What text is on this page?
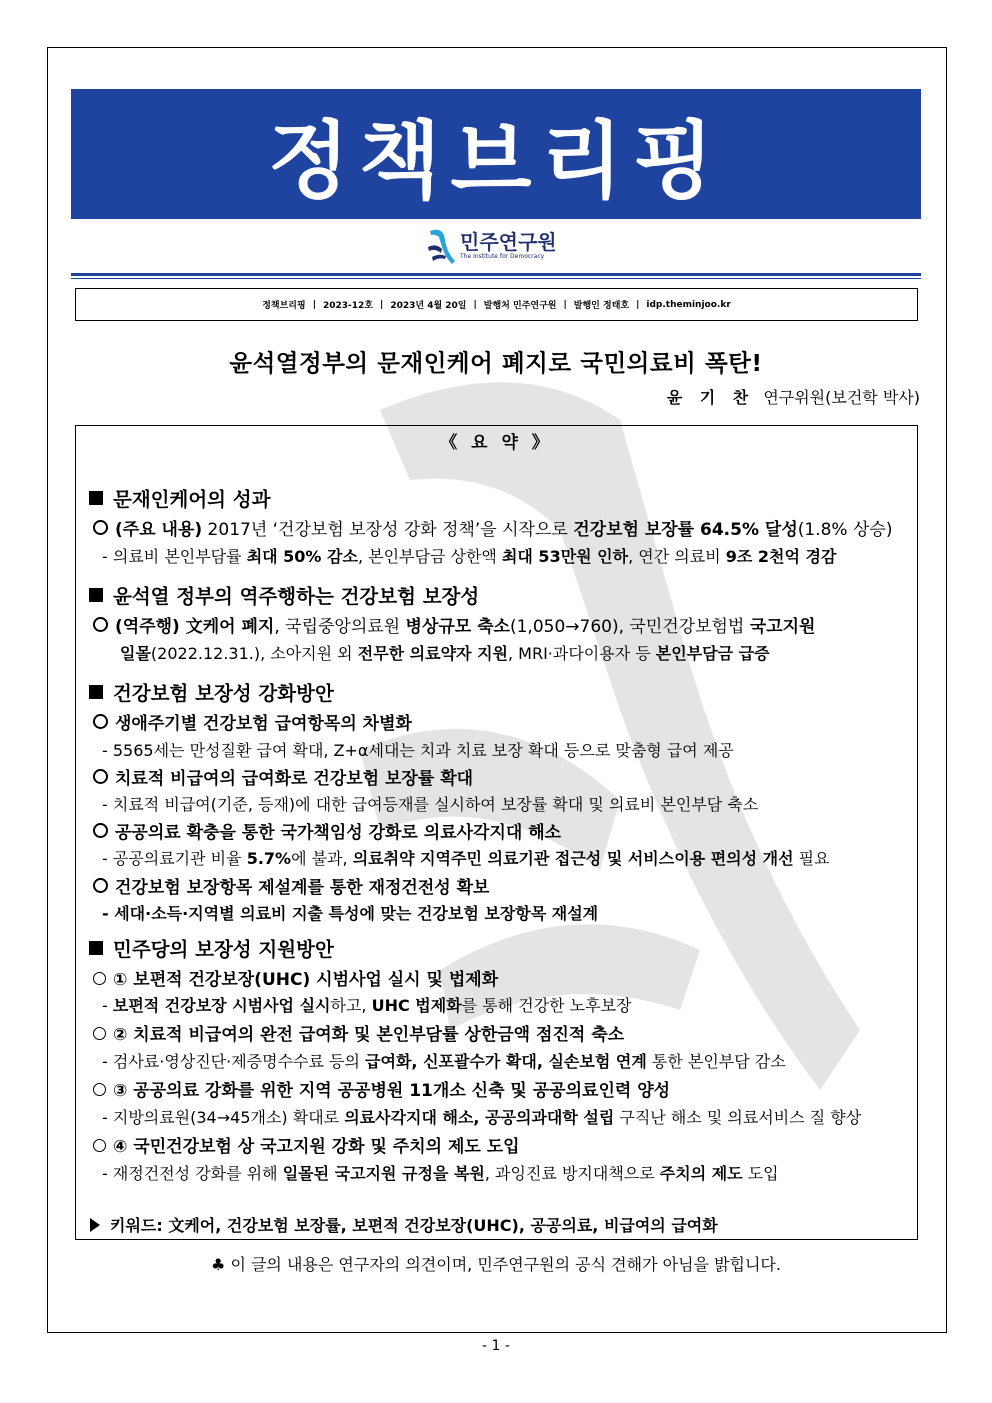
정책브리핑
민주연구원
The Institute for Democracy
정책브리핑 | 2023-12호 | 2023년 4월 20일 | 발행처 민주연구원 | 발행인 정태호 | idp.theminjoo.kr
윤석열정부의 문재인케어 폐지로 국민의료비 폭탄!
윤 기 찬 연구위원(보건학 박사)
《 요 약 》
키워드: 文케어, 건강보험 보장률, 보편적 건강보장(UHC), 공공의료, 비급여의 급여화
문재인케어의 성과
(주요 내용) 2017년 ‘건강보험 보장성 강화 정책’을 시작으로 건강보험 보장률 64.5% 달성(1.8% 상승)
- 의료비 본인부담률 최대 50% 감소, 본인부담금 상한액 최대 53만원 인하, 연간 의료비 9조 2천억 경감
윤석열 정부의 역주행하는 건강보험 보장성
(역주행) 文케어 폐지, 국립중앙의료원 병상규모 축소(1,050→760), 국민건강보험법 국고지원
일몰(2022.12.31.), 소아지원 외 전무한 의료약자 지원, MRI·과다이용자 등 본인부담금 급증
건강보험 보장성 강화방안
생애주기별 건강보험 급여항목의 차별화
- 5565세는 만성질환 급여 확대, Z+α세대는 치과 치료 보장 확대 등으로 맞춤형 급여 제공
치료적 비급여의 급여화로 건강보험 보장률 확대
- 치료적 비급여(기준, 등재)에 대한 급여등재를 실시하여 보장률 확대 및 의료비 본인부담 축소
공공의료 확충을 통한 국가책임성 강화로 의료사각지대 해소
- 공공의료기관 비율 5.7%에 불과, 의료취약 지역주민 의료기관 접근성 및 서비스이용 편의성 개선 필요
건강보험 보장항목 제설계를 통한 재정건전성 확보
- 세대·소득·지역별 의료비 지출 특성에 맞는 건강보험 보장항목 재설계
민주당의 보장성 지원방안
① 보편적 건강보장(UHC) 시범사업 실시 및 법제화
- 보편적 건강보장 시범사업 실시하고, UHC 법제화를 통해 건강한 노후보장
② 치료적 비급여의 완전 급여화 및 본인부담률 상한금액 점진적 축소
- 검사료·영상진단·제증명수수료 등의 급여화, 신포괄수가 확대, 실손보험 연계 통한 본인부담 감소
③ 공공의료 강화를 위한 지역 공공병원 11개소 신축 및 공공의료인력 양성
- 지방의료원(34→45개소) 확대로 의료사각지대 해소, 공공의과대학 설립 구직난 해소 및 의료서비스 질 향상
④ 국민건강보험 상 국고지원 강화 및 주치의 제도 도입
- 재정건전성 강화를 위해 일몰된 국고지원 규정을 복원, 과잉진료 방지대책으로 주치의 제도 도입
♣ 이 글의 내용은 연구자의 의견이며, 민주연구원의 공식 견해가 아님을 밝힙니다.
- 1 -
